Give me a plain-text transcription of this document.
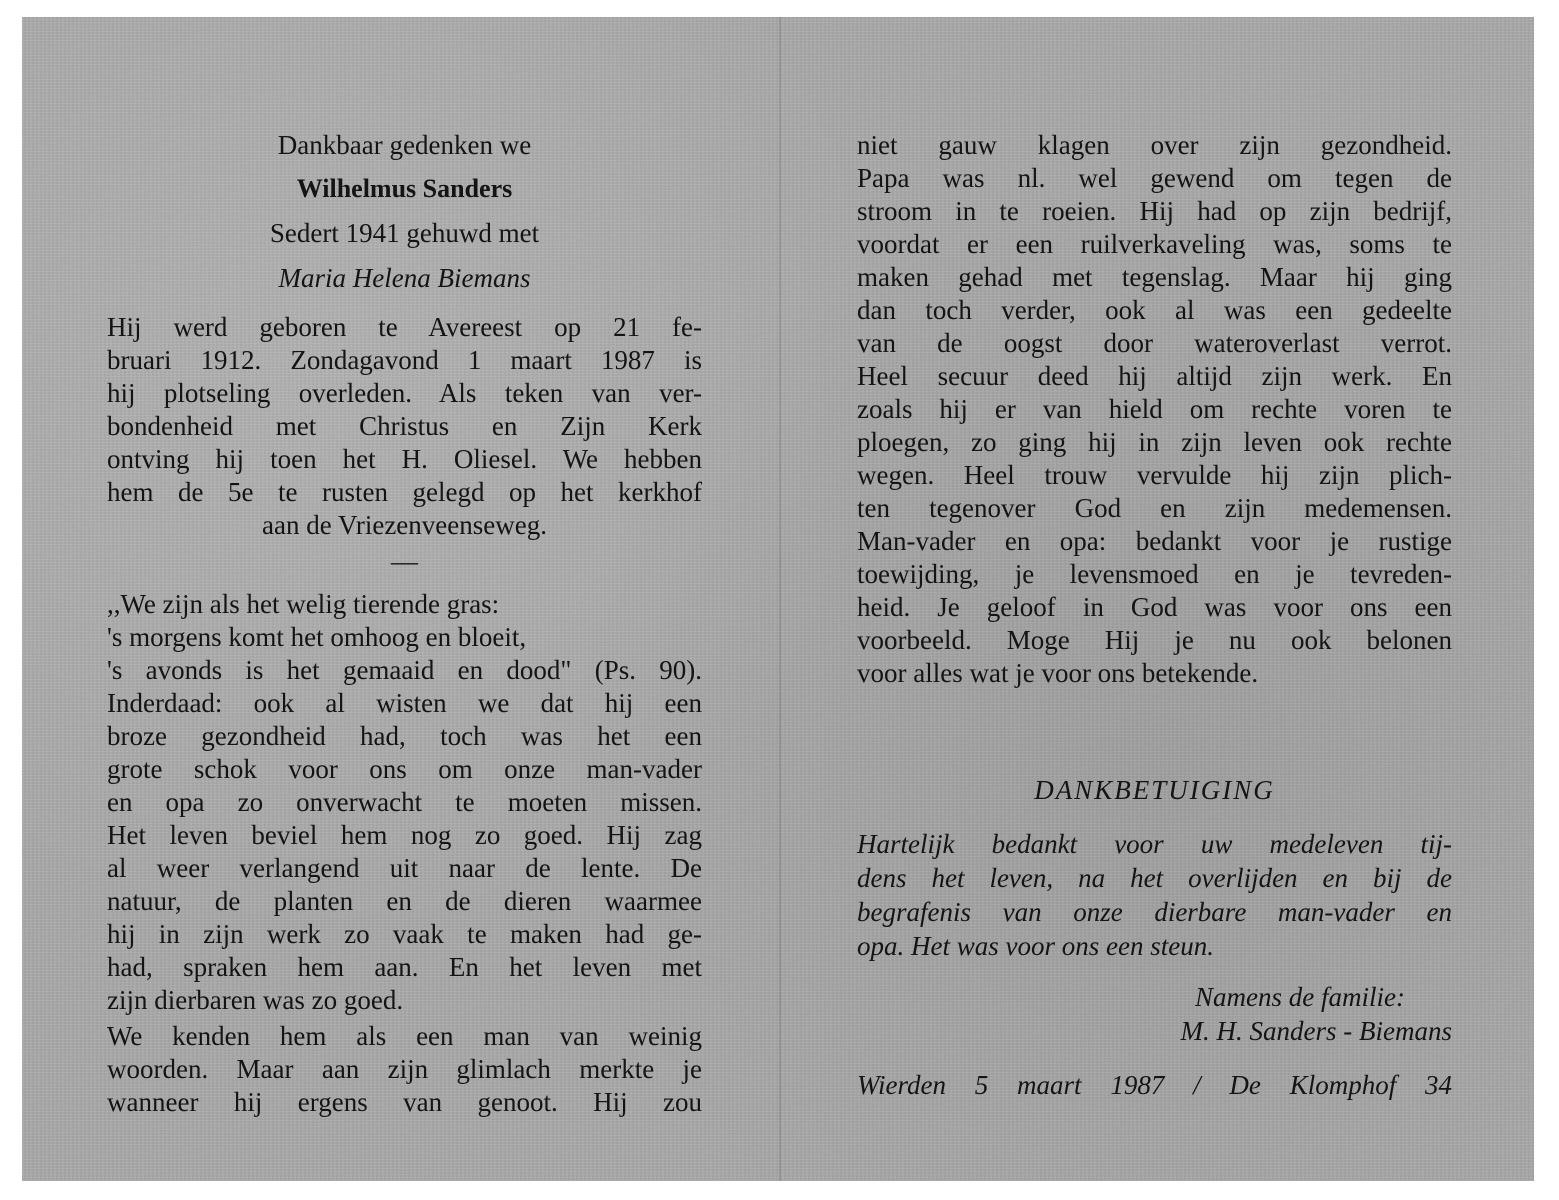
Dankbaar gedenken we
Wilhelmus Sanders
Sedert 1941 gehuwd met
Maria Helena Biemans
Hij werd geboren te Avereest op 21 fe-
bruari 1912. Zondagavond 1 maart 1987 is
hij plotseling overleden. Als teken van ver-
bondenheid met Christus en Zijn Kerk
ontving hij toen het H. Oliesel. We hebben
hem de 5e te rusten gelegd op het kerkhof
aan de Vriezenveenseweg.
—
,,We zijn als het welig tierende gras:
's morgens komt het omhoog en bloeit,
's avonds is het gemaaid en dood" (Ps. 90).
Inderdaad: ook al wisten we dat hij een
broze gezondheid had, toch was het een
grote schok voor ons om onze man-vader
en opa zo onverwacht te moeten missen.
Het leven beviel hem nog zo goed. Hij zag
al weer verlangend uit naar de lente. De
natuur, de planten en de dieren waarmee
hij in zijn werk zo vaak te maken had ge-
had, spraken hem aan. En het leven met
zijn dierbaren was zo goed.
We kenden hem als een man van weinig
woorden. Maar aan zijn glimlach merkte je
wanneer hij ergens van genoot. Hij zou
niet gauw klagen over zijn gezondheid.
Papa was nl. wel gewend om tegen de
stroom in te roeien. Hij had op zijn bedrijf,
voordat er een ruilverkaveling was, soms te
maken gehad met tegenslag. Maar hij ging
dan toch verder, ook al was een gedeelte
van de oogst door wateroverlast verrot.
Heel secuur deed hij altijd zijn werk. En
zoals hij er van hield om rechte voren te
ploegen, zo ging hij in zijn leven ook rechte
wegen. Heel trouw vervulde hij zijn plich-
ten tegenover God en zijn medemensen.
Man-vader en opa: bedankt voor je rustige
toewijding, je levensmoed en je tevreden-
heid. Je geloof in God was voor ons een
voorbeeld. Moge Hij je nu ook belonen
voor alles wat je voor ons betekende.
DANKBETUIGING
Hartelijk bedankt voor uw medeleven tij-
dens het leven, na het overlijden en bij de
begrafenis van onze dierbare man-vader en
opa. Het was voor ons een steun.
Namens de familie:
M. H. Sanders - Biemans
Wierden 5 maart 1987 / De Klomphof 34
